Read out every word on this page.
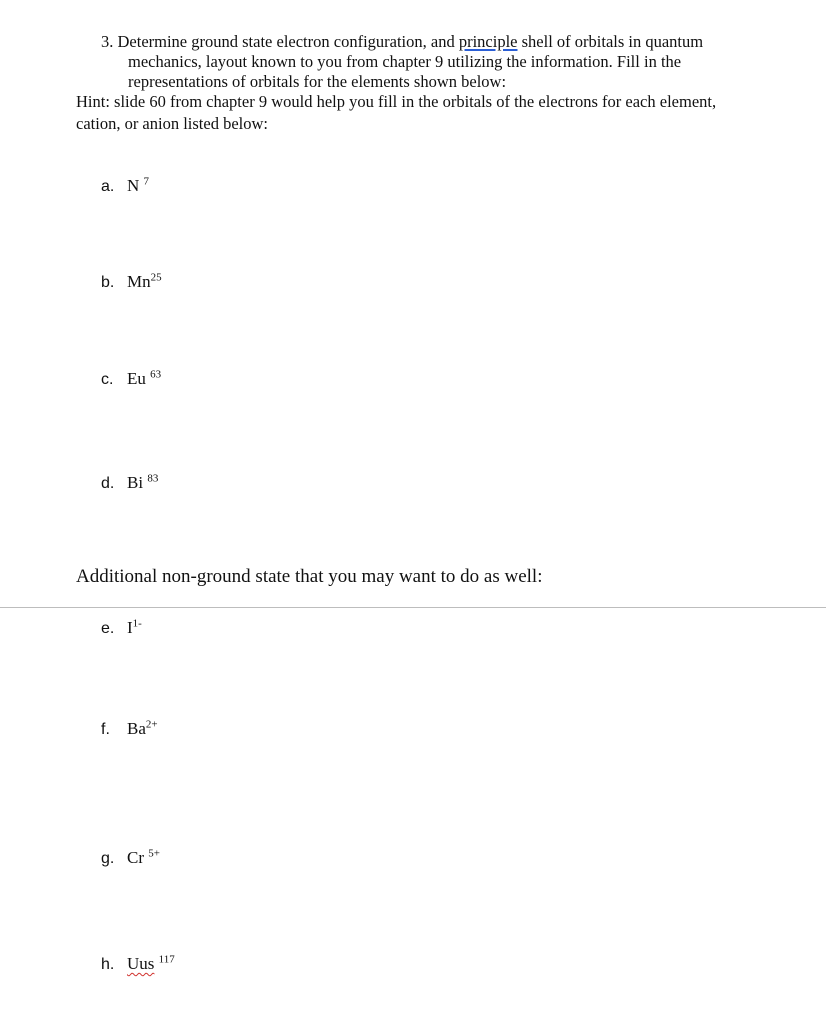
3. Determine ground state electron configuration, and principle shell of orbitals in quantum
mechanics, layout known to you from chapter 9 utilizing the information. Fill in the
representations of orbitals for the elements shown below:
Hint: slide 60 from chapter 9 would help you fill in the orbitals of the electrons for each element,
cation, or anion listed below:
a. N $^7$
b. Mn$^{25}$
c. Eu $^{63}$
d. Bi $^{83}$
Additional non-ground state that you may want to do as well:
e. $I^{1-}$
f. $Ba^{2+}$
g. Cr $^{5+}$
h. Uus $^{117}$
